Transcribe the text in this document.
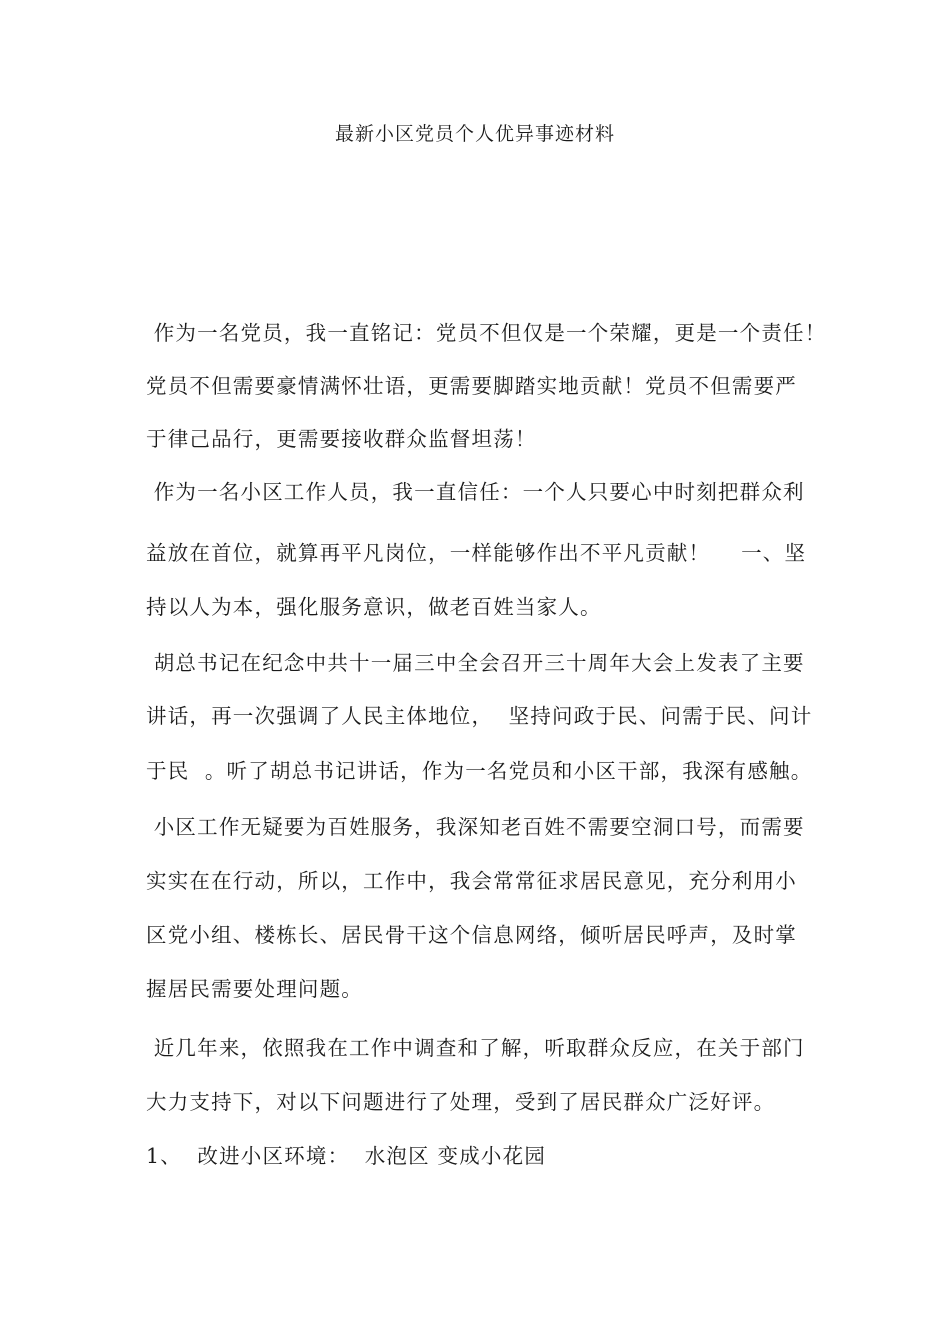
最新小区党员个人优异事迹材料
作为一名党员，我一直铭记：党员不但仅是一个荣耀，更是一个责任！
党员不但需要豪情满怀壮语，更需要脚踏实地贡献！党员不但需要严
于律己品行，更需要接收群众监督坦荡！
作为一名小区工作人员，我一直信任：一个人只要心中时刻把群众利
益放在首位，就算再平凡岗位，一样能够作出不平凡贡献！    一、坚
持以人为本，强化服务意识，做老百姓当家人。
胡总书记在纪念中共十一届三中全会召开三十周年大会上发表了主要
讲话，再一次强调了人民主体地位，  坚持问政于民、问需于民、问计
于民  。听了胡总书记讲话，作为一名党员和小区干部，我深有感触。
小区工作无疑要为百姓服务，我深知老百姓不需要空洞口号，而需要
实实在在行动，所以，工作中，我会常常征求居民意见，充分利用小
区党小组、楼栋长、居民骨干这个信息网络，倾听居民呼声，及时掌
握居民需要处理问题。
近几年来，依照我在工作中调查和了解，听取群众反应，在关于部门
大力支持下，对以下问题进行了处理，受到了居民群众广泛好评。
1、  改进小区环境：  水泡区 变成小花园
